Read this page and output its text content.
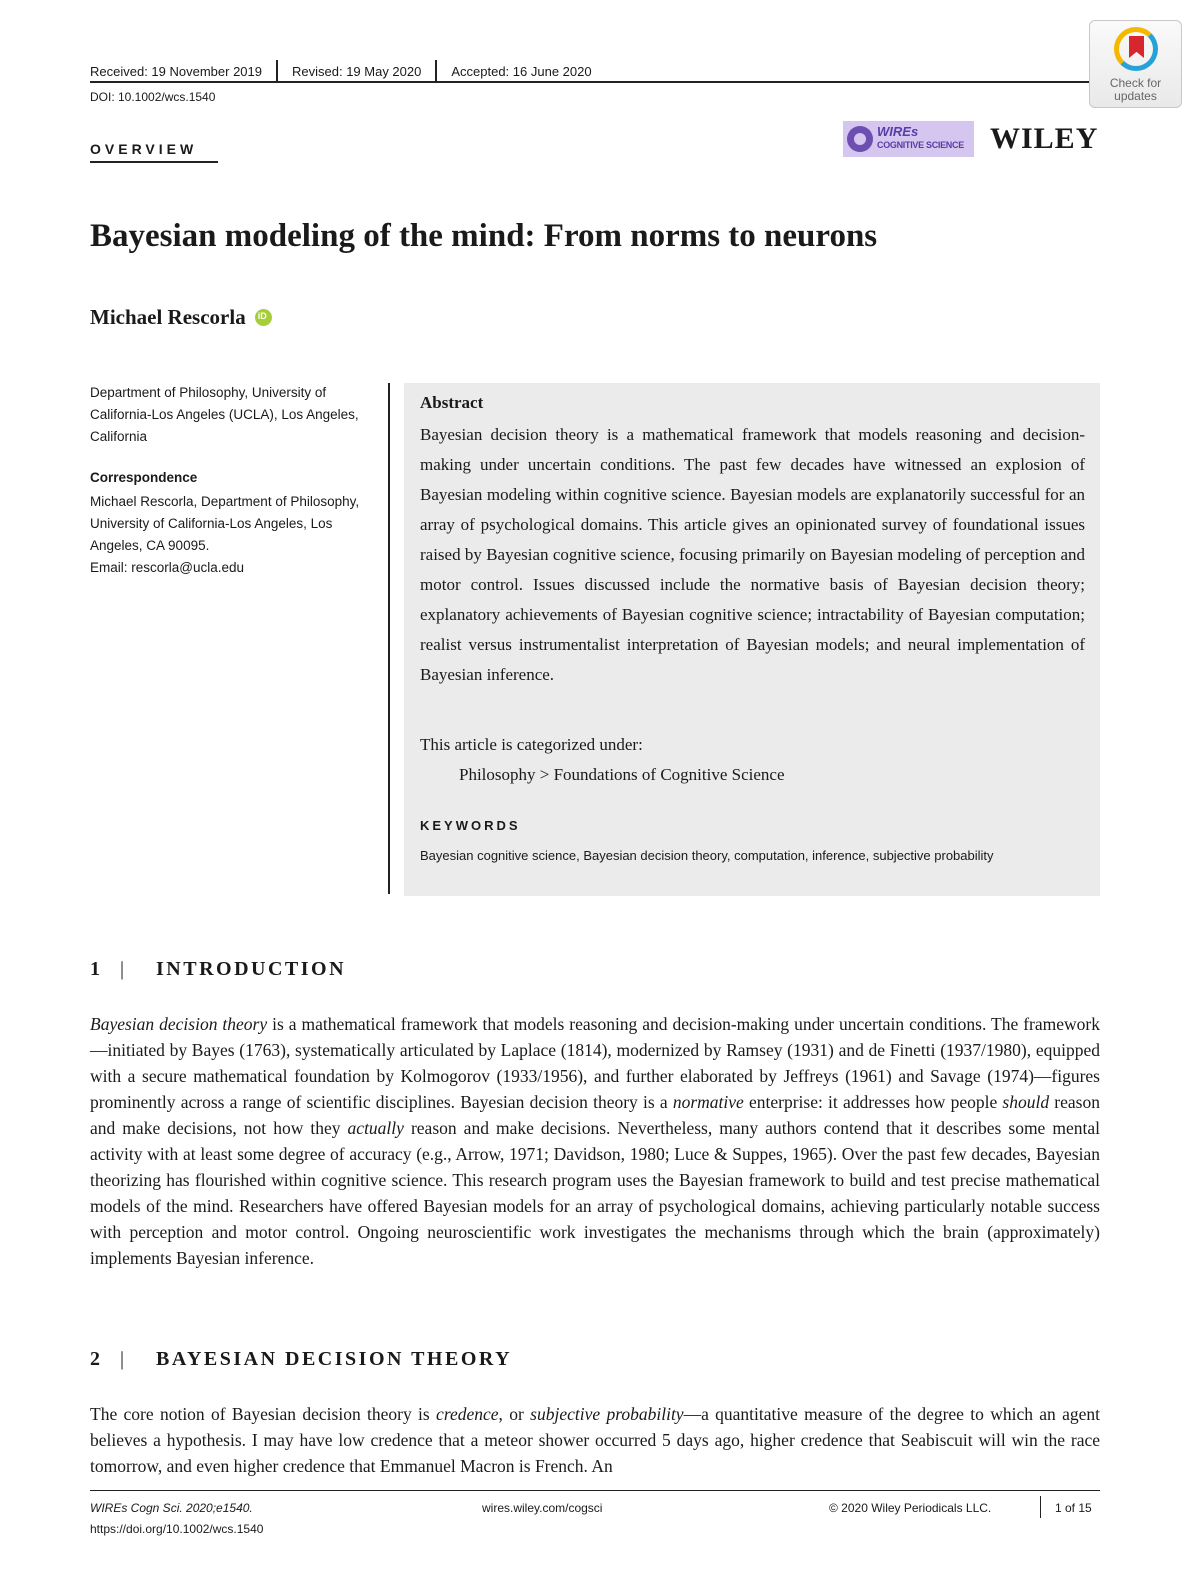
Received: 19 November 2019	Revised: 19 May 2020	Accepted: 16 June 2020
DOI: 10.1002/wcs.1540
Check for updates
OVERVIEW
WIREs
COGNITIVE SCIENCE WILEY
Bayesian modeling of the mind: From norms to neurons
Michael Rescorla
iD
Department of Philosophy, University of California-Los Angeles (UCLA), Los Angeles, California
Correspondence
Michael Rescorla, Department of Philosophy, University of California-Los Angeles, Los Angeles, CA 90095.
Email: rescorla@ucla.edu
Abstract
Bayesian decision theory is a mathematical framework that models reasoning and decision-making under uncertain conditions. The past few decades have witnessed an explosion of Bayesian modeling within cognitive science. Bayesian models are explanatorily successful for an array of psychological domains. This article gives an opinionated survey of foundational issues raised by Bayesian cognitive science, focusing primarily on Bayesian modeling of perception and motor control. Issues discussed include the normative basis of Bayesian decision theory; explanatory achievements of Bayesian cognitive science; intractability of Bayesian computation; realist versus instrumentalist interpretation of Bayesian models; and neural implementation of Bayesian inference.
This article is categorized under:
Philosophy > Foundations of Cognitive Science
KEYWORDS
Bayesian cognitive science, Bayesian decision theory, computation, inference, subjective probability
1 |	INTRODUCTION
Bayesian decision theory is a mathematical framework that models reasoning and decision-making under uncertain conditions. The framework—initiated by Bayes (1763), systematically articulated by Laplace (1814), modernized by Ramsey (1931) and de Finetti (1937/1980), equipped with a secure mathematical foundation by Kolmogorov (1933/1956), and further elaborated by Jeffreys (1961) and Savage (1974)—figures prominently across a range of scientific disciplines. Bayesian decision theory is a normative enterprise: it addresses how people should reason and make decisions, not how they actually reason and make decisions. Nevertheless, many authors contend that it describes some mental activity with at least some degree of accuracy (e.g., Arrow, 1971; Davidson, 1980; Luce & Suppes, 1965). Over the past few decades, Bayesian theorizing has flourished within cognitive science. This research program uses the Bayesian framework to build and test precise mathematical models of the mind. Researchers have offered Bayesian models for an array of psychological domains, achieving particularly notable success with perception and motor control. Ongoing neuroscientific work investigates the mechanisms through which the brain (approximately) implements Bayesian inference.
2 |	BAYESIAN DECISION THEORY
The core notion of Bayesian decision theory is credence, or subjective probability—a quantitative measure of the degree to which an agent believes a hypothesis. I may have low credence that a meteor shower occurred 5 days ago, higher credence that Seabiscuit will win the race tomorrow, and even higher credence that Emmanuel Macron is French. An
WIREs Cogn Sci. 2020;e1540.
https://doi.org/10.1002/wcs.1540
wires.wiley.com/cogsci	© 2020 Wiley Periodicals LLC.	1 of 15
